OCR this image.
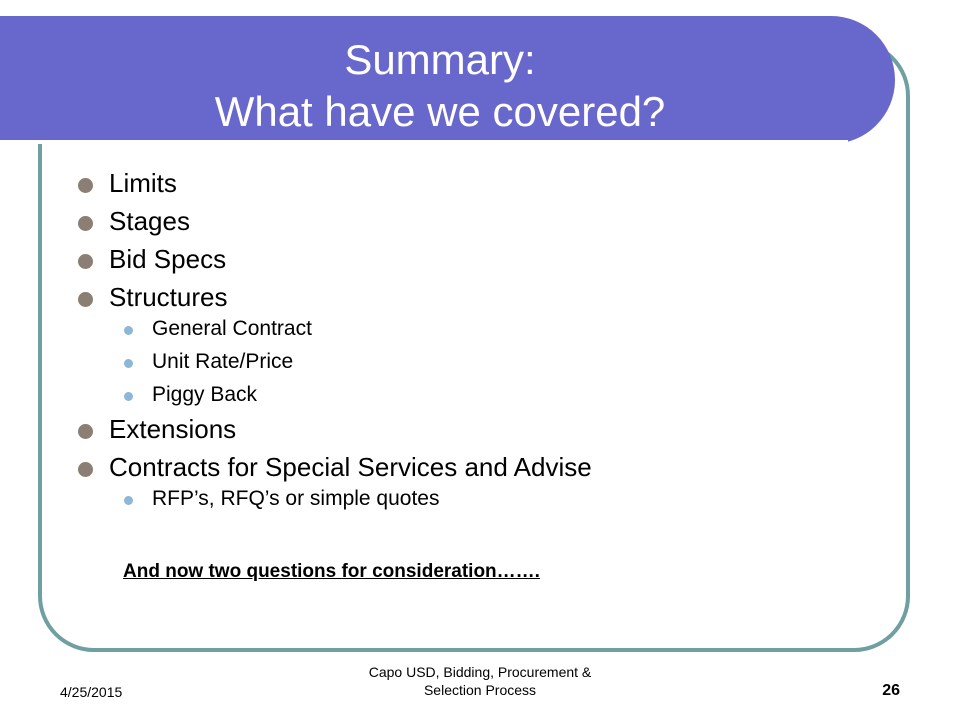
Summary:
What have we covered?
Limits
Stages
Bid Specs
Structures
General Contract
Unit Rate/Price
Piggy Back
Extensions
Contracts for Special Services and Advise
RFP’s, RFQ’s or simple quotes
And now two questions for consideration…….
4/25/2015
Capo USD, Bidding, Procurement &
Selection Process	26
